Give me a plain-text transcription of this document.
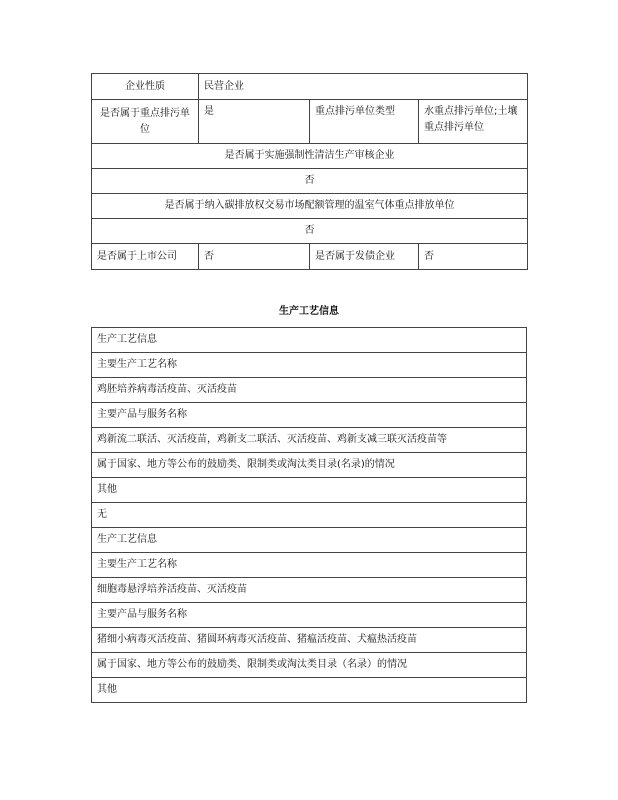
企业性质	民营企业		
是否属于重点排污单位	是	重点排污单位类型	水重点排污单位;土壤重点排污单位
是否属于实施强制性清洁生产审核企业			
否			
是否属于纳入碳排放权交易市场配额管理的温室气体重点排放单位			
否			
是否属于上市公司	否	是否属于发债企业	否
生产工艺信息
生产工艺信息
主要生产工艺名称
鸡胚培养病毒活疫苗、灭活疫苗
主要产品与服务名称
鸡新流二联活、灭活疫苗，鸡新支二联活、灭活疫苗、鸡新支减三联灭活疫苗等
属于国家、地方等公布的鼓励类、限制类或淘汰类目录(名录)的情况
其他
无
生产工艺信息
主要生产工艺名称
细胞毒悬浮培养活疫苗、灭活疫苗
主要产品与服务名称
猪细小病毒灭活疫苗、猪圆环病毒灭活疫苗、猪瘟活疫苗、犬瘟热活疫苗
属于国家、地方等公布的鼓励类、限制类或淘汰类目录（名录）的情况
其他
